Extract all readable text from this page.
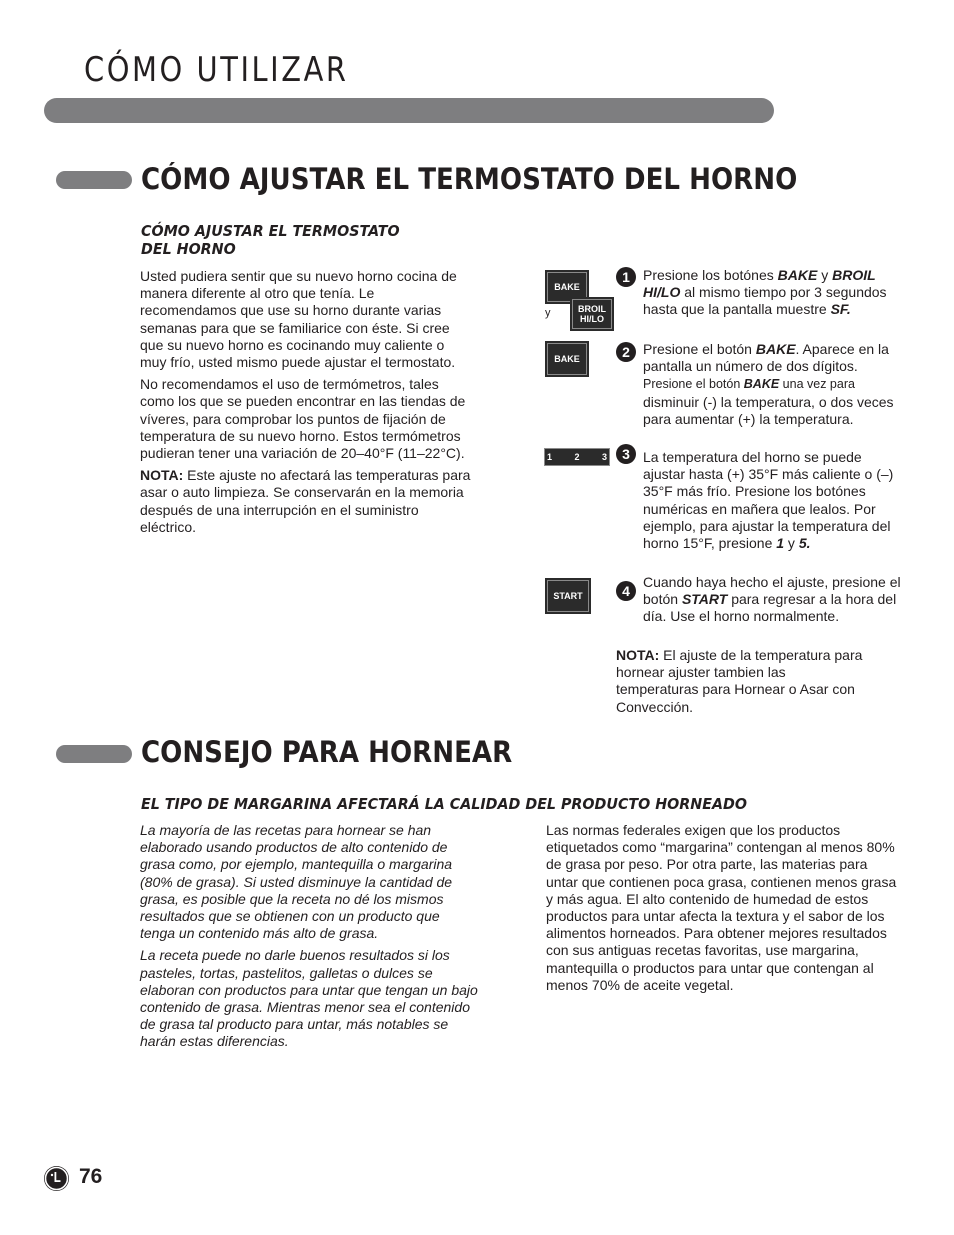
CÓMO UTILIZAR
CÓMO AJUSTAR EL TERMOSTATO DEL HORNO
CÓMO AJUSTAR EL TERMOSTATO
DEL HORNO

Usted pudiera sentir que su nuevo horno cocina de manera diferente al otro que tenía. Le recomendamos que use su horno durante varias semanas para que se familiarice con éste. Si cree que su nuevo horno es cocinando muy caliente o muy frío, usted mismo puede ajustar el termostato.

No recomendamos el uso de termómetros, tales como los que se pueden encontrar en las tiendas de víveres, para comprobar los puntos de fijación de temperatura de su nuevo horno. Estos termómetros pudieran tener una variación de 20–40°F (11–22°C).

NOTA: Este ajuste no afectará las temperaturas para asar o auto limpieza. Se conservarán en la memoria después de una interrupción en el suministro eléctrico.

BAKE
y	BROIL
HI/LO
BAKE
1 2 3
START
1 Presione los botónes BAKE y BROIL HI/LO al mismo tiempo por 3 segundos hasta que la pantalla muestre SF.
2 Presione el botón BAKE. Aparece en la pantalla un número de dos dígitos.
Presione el botón BAKE una vez para
disminuir (-) la temperatura, o dos veces para aumentar (+) la temperatura.
3 La temperatura del horno se puede ajustar hasta (+) 35°F más caliente o (–) 35°F más frío. Presione los botónes numéricas en mañera que lealos. Por ejemplo, para ajustar la temperatura del horno 15°F, presione 1 y 5.
4
Cuando haya hecho el ajuste, presione el botón START para regresar a la hora del día. Use el horno normalmente.
NOTA: El ajuste de la temperatura para hornear ajuster tambien las temperaturas para Hornear o Asar con Convección.
CONSEJO PARA HORNEAR
EL TIPO DE MARGARINA AFECTARÁ LA CALIDAD DEL PRODUCTO HORNEADO

La mayoría de las recetas para hornear se han elaborado usando productos de alto contenido de grasa como, por ejemplo, mantequilla o margarina (80% de grasa). Si usted disminuye la cantidad de grasa, es posible que la receta no dé los mismos resultados que se obtienen con un producto que tenga un contenido más alto de grasa.

La receta puede no darle buenos resultados si los pasteles, tortas, pastelitos, galletas o dulces se elaboran con productos para untar que tengan un bajo contenido de grasa. Mientras menor sea el contenido de grasa tal producto para untar, más notables se harán estas diferencias.

Las normas federales exigen que los productos etiquetados como “margarina” contengan al menos 80% de grasa por peso. Por otra parte, las materias para untar que contienen poca grasa, contienen menos grasa y más agua. El alto contenido de humedad de estos productos para untar afecta la textura y el sabor de los alimentos horneados. Para obtener mejores resultados con sus antiguas recetas favoritas, use margarina, mantequilla o productos para untar que contengan al menos 70% de aceite vegetal.

76
